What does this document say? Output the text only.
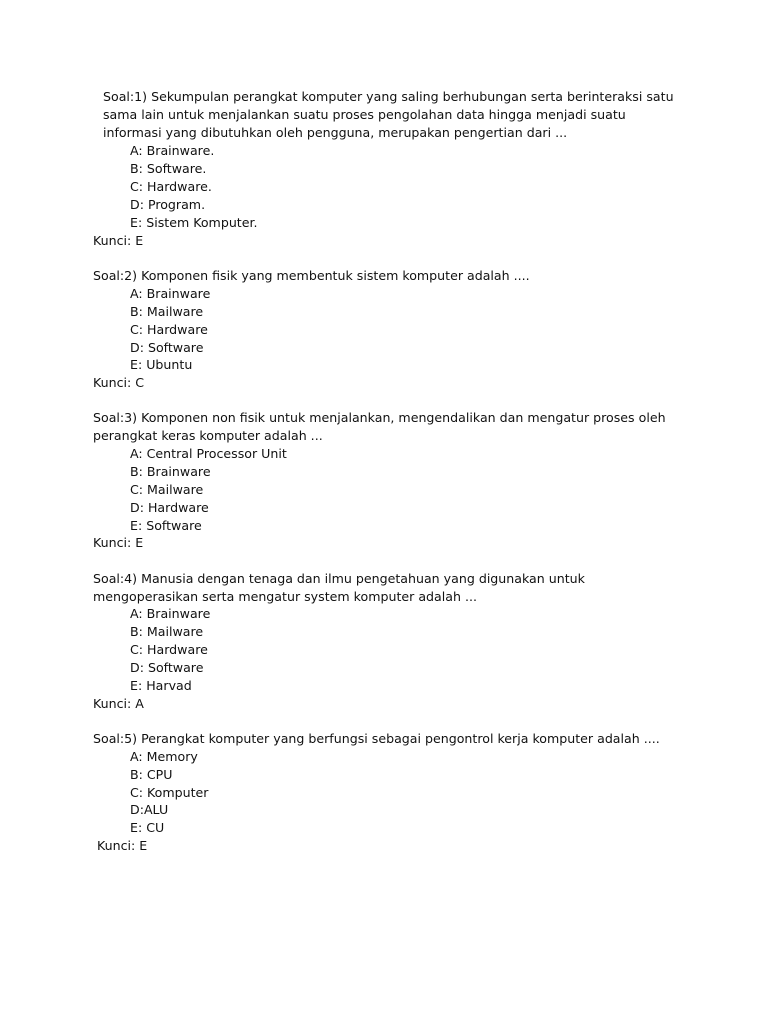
Soal:1) Sekumpulan perangkat komputer yang saling berhubungan serta berinteraksi satu
sama lain untuk menjalankan suatu proses pengolahan data hingga menjadi suatu
informasi yang dibutuhkan oleh pengguna, merupakan pengertian dari ...
A: Brainware.
B: Software.
C: Hardware.
D: Program.
E: Sistem Komputer.
Kunci: E
Soal:2) Komponen fisik yang membentuk sistem komputer adalah ....
A: Brainware
B: Mailware
C: Hardware
D: Software
E: Ubuntu
Kunci: C
Soal:3) Komponen non fisik untuk menjalankan, mengendalikan dan mengatur proses oleh
perangkat keras komputer adalah ...
A: Central Processor Unit
B: Brainware
C: Mailware
D: Hardware
E: Software
Kunci: E
Soal:4) Manusia dengan tenaga dan ilmu pengetahuan yang digunakan untuk
mengoperasikan serta mengatur system komputer adalah ...
A: Brainware
B: Mailware
C: Hardware
D: Software
E: Harvad
Kunci: A
Soal:5) Perangkat komputer yang berfungsi sebagai pengontrol kerja komputer adalah ....
A: Memory
B: CPU
C: Komputer
D:ALU
E: CU
Kunci: E
